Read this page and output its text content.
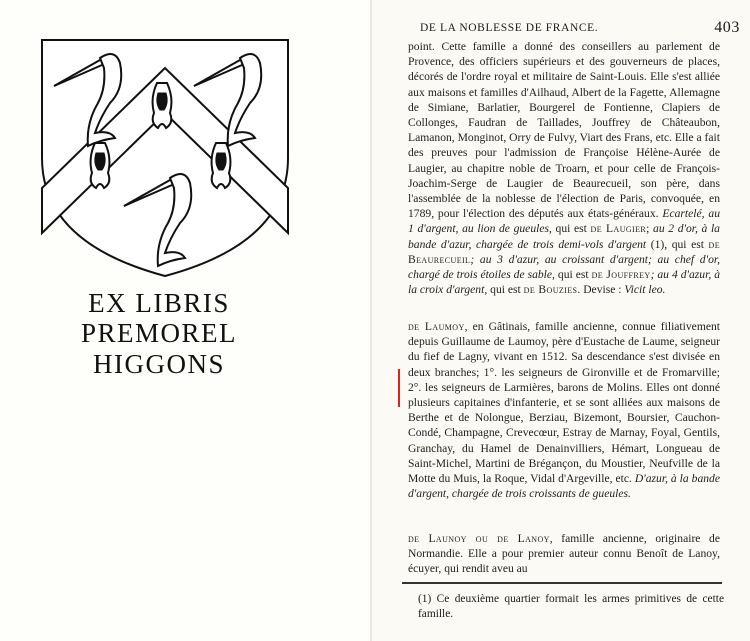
EX LIBRIS
PREMOREL HIGGONS
DE LA NOBLESSE DE FRANCE.	403

point. Cette famille a donné des conseillers au parlement de Provence, des officiers supérieurs et des gouverneurs de places, décorés de l'ordre royal et militaire de Saint-Louis. Elle s'est alliée aux maisons et familles d'Ailhaud, Albert de la Fagette, Allemagne de Simiane, Barlatier, Bourgerel de Fontienne, Clapiers de Collonges, Faudran de Taillades, Jouffrey de Châteaubon, Lamanon, Monginot, Orry de Fulvy, Viart des Frans, etc. Elle a fait des preuves pour l'admission de Françoise Hélène-Aurée de Laugier, au chapitre noble de Troarn, et pour celle de François-Joachim-Serge de Laugier de Beaurecueil, son père, dans l'assemblée de la noblesse de l'élection de Paris, convoquée, en 1789, pour l'élection des députés aux états-généraux. Ecartelé, au 1 d'argent, au lion de gueules, qui est de Laugier; au 2 d'or, à la bande d'azur, chargée de trois demi-vols d'argent (1), qui est de Beaurecueil; au 3 d'azur, au croissant d'argent; au chef d'or, chargé de trois étoiles de sable, qui est de Jouffrey; au 4 d'azur, à la croix d'argent, qui est de Bouzies. Devise : Vicit leo.

de Laumoy, en Gâtinais, famille ancienne, connue filiativement depuis Guillaume de Laumoy, père d'Eustache de Laume, seigneur du fief de Lagny, vivant en 1512. Sa descendance s'est divisée en deux branches; 1°. les seigneurs de Gironville et de Fromarville; 2°. les seigneurs de Larmières, barons de Molins. Elles ont donné plusieurs capitaines d'infanterie, et se sont alliées aux maisons de Berthe et de Nolongue, Berziau, Bizemont, Boursier, Cauchon-Condé, Champagne, Crevecœur, Estray de Marnay, Foyal, Gentils, Granchay, du Hamel de Denainvilliers, Hémart, Longueau de Saint-Michel, Martini de Brégançon, du Moustier, Neufville de la Motte du Muis, la Roque, Vidal d'Argeville, etc. D'azur, à la bande d'argent, chargée de trois croissants de gueules.

de Launoy ou de Lanoy, famille ancienne, originaire de Normandie. Elle a pour premier auteur connu Benoît de Lanoy, écuyer, qui rendit aveu au

(1) Ce deuxième quartier formait les armes primitives de cette famille.
